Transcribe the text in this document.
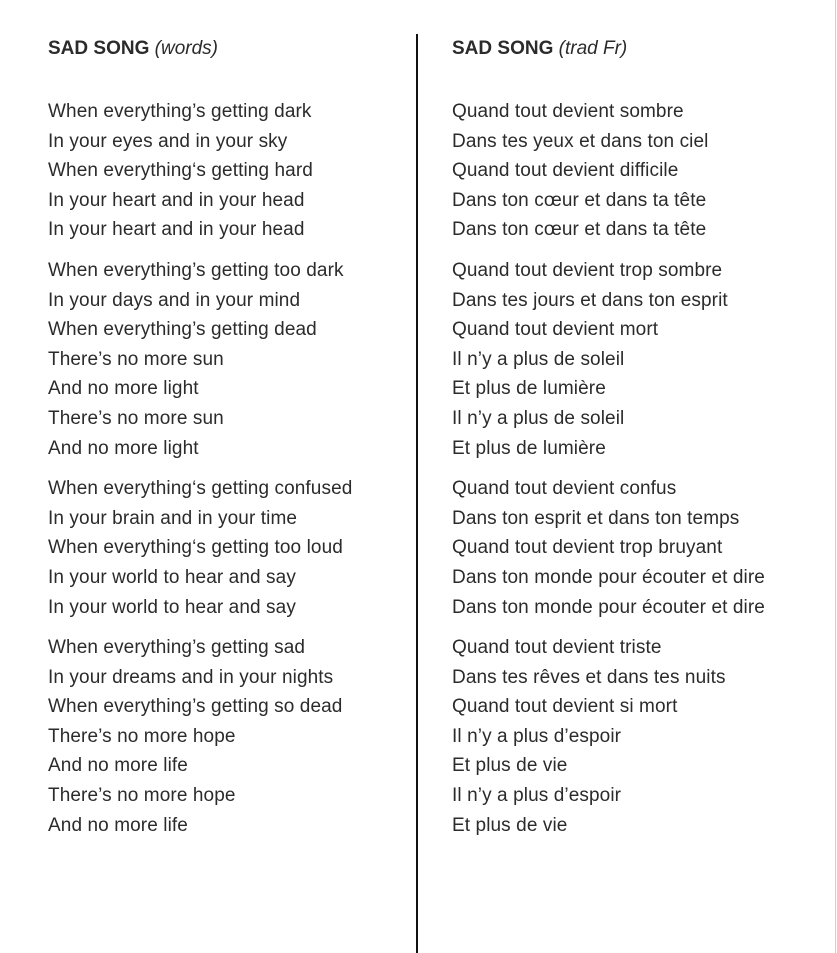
SAD SONG (words)
When everything’s getting dark
In your eyes and in your sky
When everything‘s getting hard
In your heart and in your head
In your heart and in your head
When everything’s getting too dark
In your days and in your mind
When everything’s getting dead
There’s no more sun
And no more light
There’s no more sun
And no more light
When everything‘s getting confused
In your brain and in your time
When everything‘s getting too loud
In your world to hear and say
In your world to hear and say
When everything’s getting sad
In your dreams and in your nights
When everything’s getting so dead
There’s no more hope
And no more life
There’s no more hope
And no more life
SAD SONG (trad Fr)
Quand tout devient sombre
Dans tes yeux et dans ton ciel
Quand tout devient difficile
Dans ton cœur et dans ta tête
Dans ton cœur et dans ta tête
Quand tout devient trop sombre
Dans tes jours et dans ton esprit
Quand tout devient mort
Il n’y a plus de soleil
Et plus de lumière
Il n’y a plus de soleil
Et plus de lumière
Quand tout devient confus
Dans ton esprit et dans ton temps
Quand tout devient trop bruyant
Dans ton monde pour écouter et dire
Dans ton monde pour écouter et dire
Quand tout devient triste
Dans tes rêves et dans tes nuits
Quand tout devient si mort
Il n’y a plus d’espoir
Et plus de vie
Il n’y a plus d’espoir
Et plus de vie
